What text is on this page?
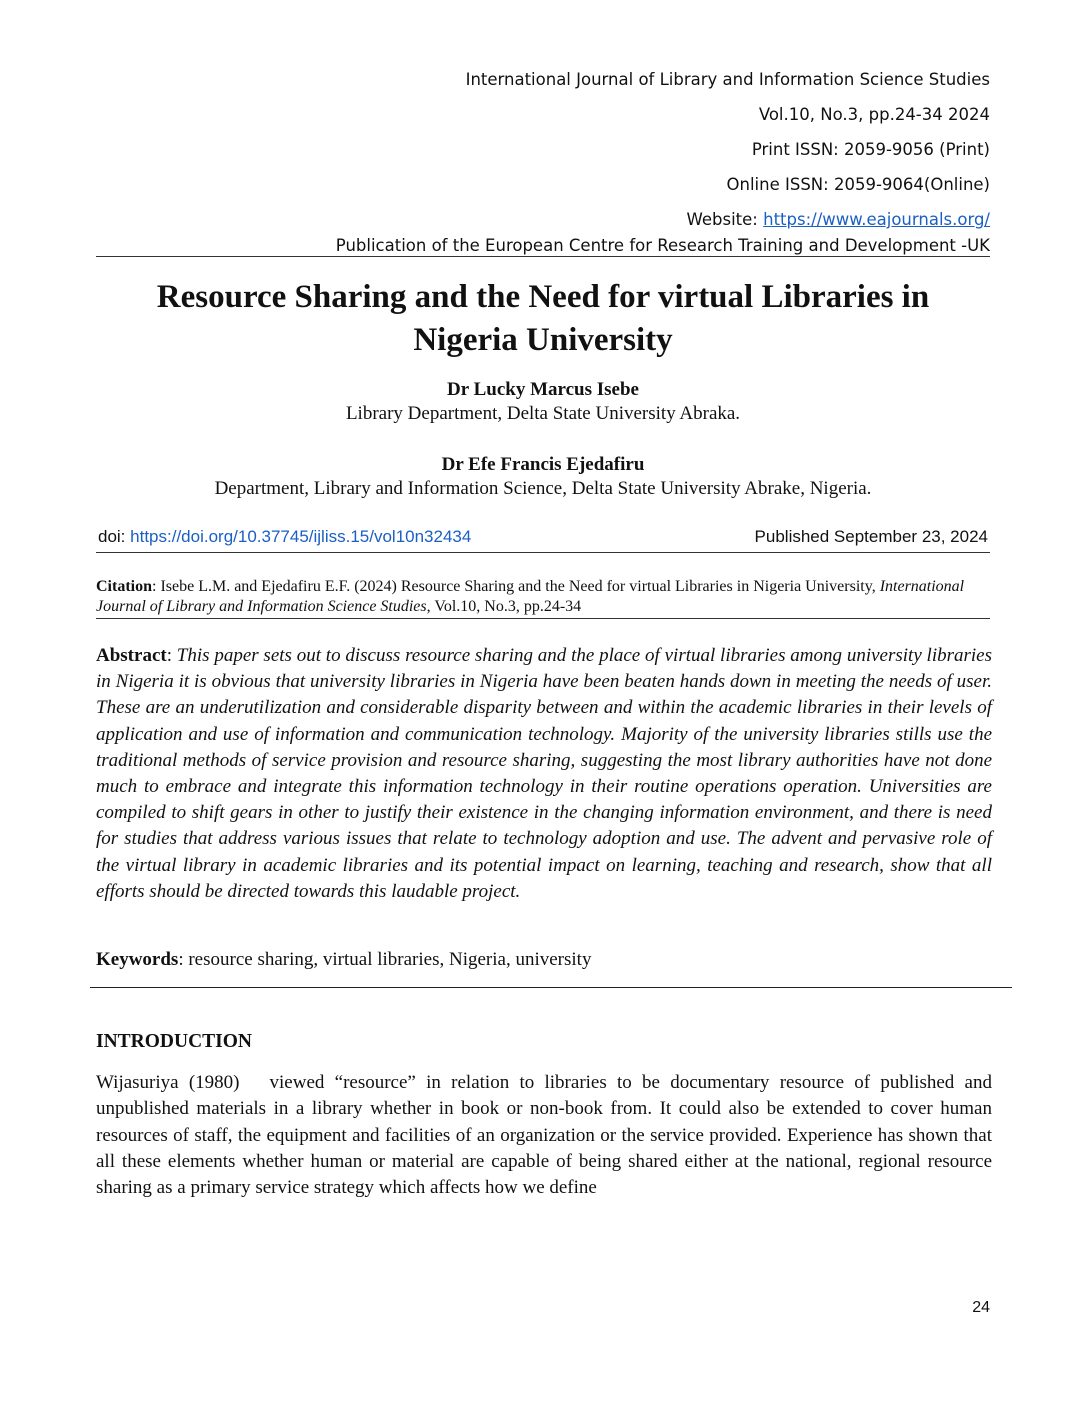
International Journal of Library and Information Science Studies
Vol.10, No.3, pp.24-34 2024
Print ISSN: 2059-9056 (Print)
Online ISSN: 2059-9064(Online)
Website: https://www.eajournals.org/
Publication of the European Centre for Research Training and Development -UK
Resource Sharing and the Need for virtual Libraries in
Nigeria University
Dr Lucky Marcus Isebe
Library Department, Delta State University Abraka.
Dr Efe Francis Ejedafiru
Department, Library and Information Science, Delta State University Abrake, Nigeria.
doi: https://doi.org/10.37745/ijliss.15/vol10n32434	Published September 23, 2024
Citation: Isebe L.M. and Ejedafiru E.F. (2024) Resource Sharing and the Need for virtual Libraries in Nigeria University, International Journal of Library and Information Science Studies, Vol.10, No.3, pp.24-34
Abstract: This paper sets out to discuss resource sharing and the place of virtual libraries among university libraries in Nigeria it is obvious that university libraries in Nigeria have been beaten hands down in meeting the needs of user. These are an underutilization and considerable disparity between and within the academic libraries in their levels of application and use of information and communication technology. Majority of the university libraries stills use the traditional methods of service provision and resource sharing, suggesting the most library authorities have not done much to embrace and integrate this information technology in their routine operations operation. Universities are compiled to shift gears in other to justify their existence in the changing information environment, and there is need for studies that address various issues that relate to technology adoption and use. The advent and pervasive role of the virtual library in academic libraries and its potential impact on learning, teaching and research, show that all efforts should be directed towards this laudable project.
Keywords: resource sharing, virtual libraries, Nigeria, university
INTRODUCTION
Wijasuriya (1980) viewed “resource” in relation to libraries to be documentary resource of published and unpublished materials in a library whether in book or non-book from. It could also be extended to cover human resources of staff, the equipment and facilities of an organization or the service provided. Experience has shown that all these elements whether human or material are capable of being shared either at the national, regional resource sharing as a primary service strategy which affects how we define
24
